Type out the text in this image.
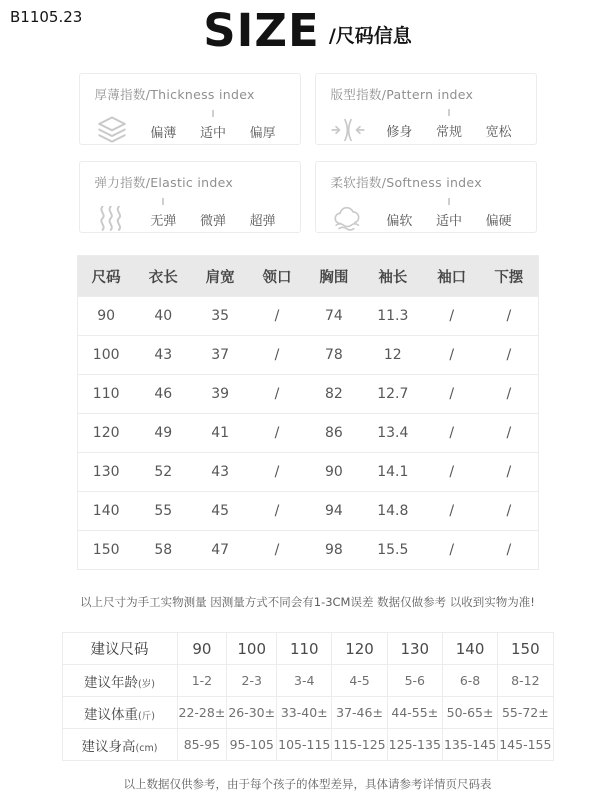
B1105.23	SIZE /尺码信息
厚薄指数/Thickness index
偏薄 适中 偏厚
版型指数/Pattern index
修身 常规 宽松
弹力指数/Elastic index
无弹 微弹 超弹
柔软指数/Softness index
偏软 适中 偏硬
尺码	衣长	肩宽	领口	胸围	袖长	袖口	下摆
90	40	35	/	74	11.3	/	/
100	43	37	/	78	12	/	/
110	46	39	/	82	12.7	/	/
120	49	41	/	86	13.4	/	/
130	52	43	/	90	14.1	/	/
140	55	45	/	94	14.8	/	/
150	58	47	/	98	15.5	/	/
以上尺寸为手工实物测量 因测量方式不同会有1-3CM误差 数据仅做参考 以收到实物为准!
建议尺码	90	100	110	120	130	140	150
建议年龄(岁)	1-2	2-3	3-4	4-5	5-6	6-8	8-12
建议体重(斤)	22-28±	26-30±	33-40±	37-46±	44-55±	50-65±	55-72±
建议身高(cm)	85-95	95-105	105-115	115-125	125-135	135-145	145-155
以上数据仅供参考，由于每个孩子的体型差异，具体请参考详情页尺码表
